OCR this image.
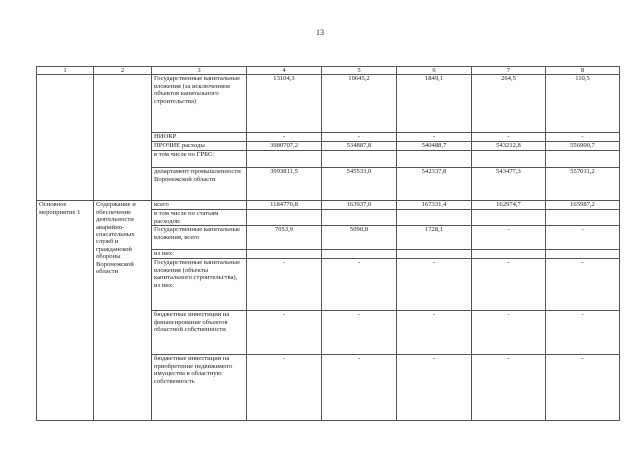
13
1	2	3	4	5	6	7	8
		Государственные капитальные вложения (за исключением объектов капитального строительства)	13104,3	10645,2	1849,1	264,5	110,5
		НИОКР	-	-	-	-	-
		ПРОЧИЕ расходы	3980707,2	534887,8	540488,7	543212,8	556900,7
		в том числе по ГРБС:					
		департамент промышленности Воронежской области	3993811,5	545533,0	542337,8	543477,3	557011,2
Основное мероприятие 1	Содержание и обеспечение деятельности аварийно-спасательных служб и гражданской обороны Воронежской области	всего	1184770,8	163937,0	167331,4	162974,7	165987,2
		в том числе по статьям расходов:					
		Государственные капитальные вложения, всего	7053,9	5090,8	1728,1	-	-
		из них:					
		Государственные капитальные вложения (объекты капитального строительства), из них:	-	-	-	-	-
		бюджетные инвестиции на финансирование объектов областной собственности	-	-	-	-	-
		бюджетные инвестиции на приобретение недвижимого имущества в областную собственность	-	-	-	-	-
